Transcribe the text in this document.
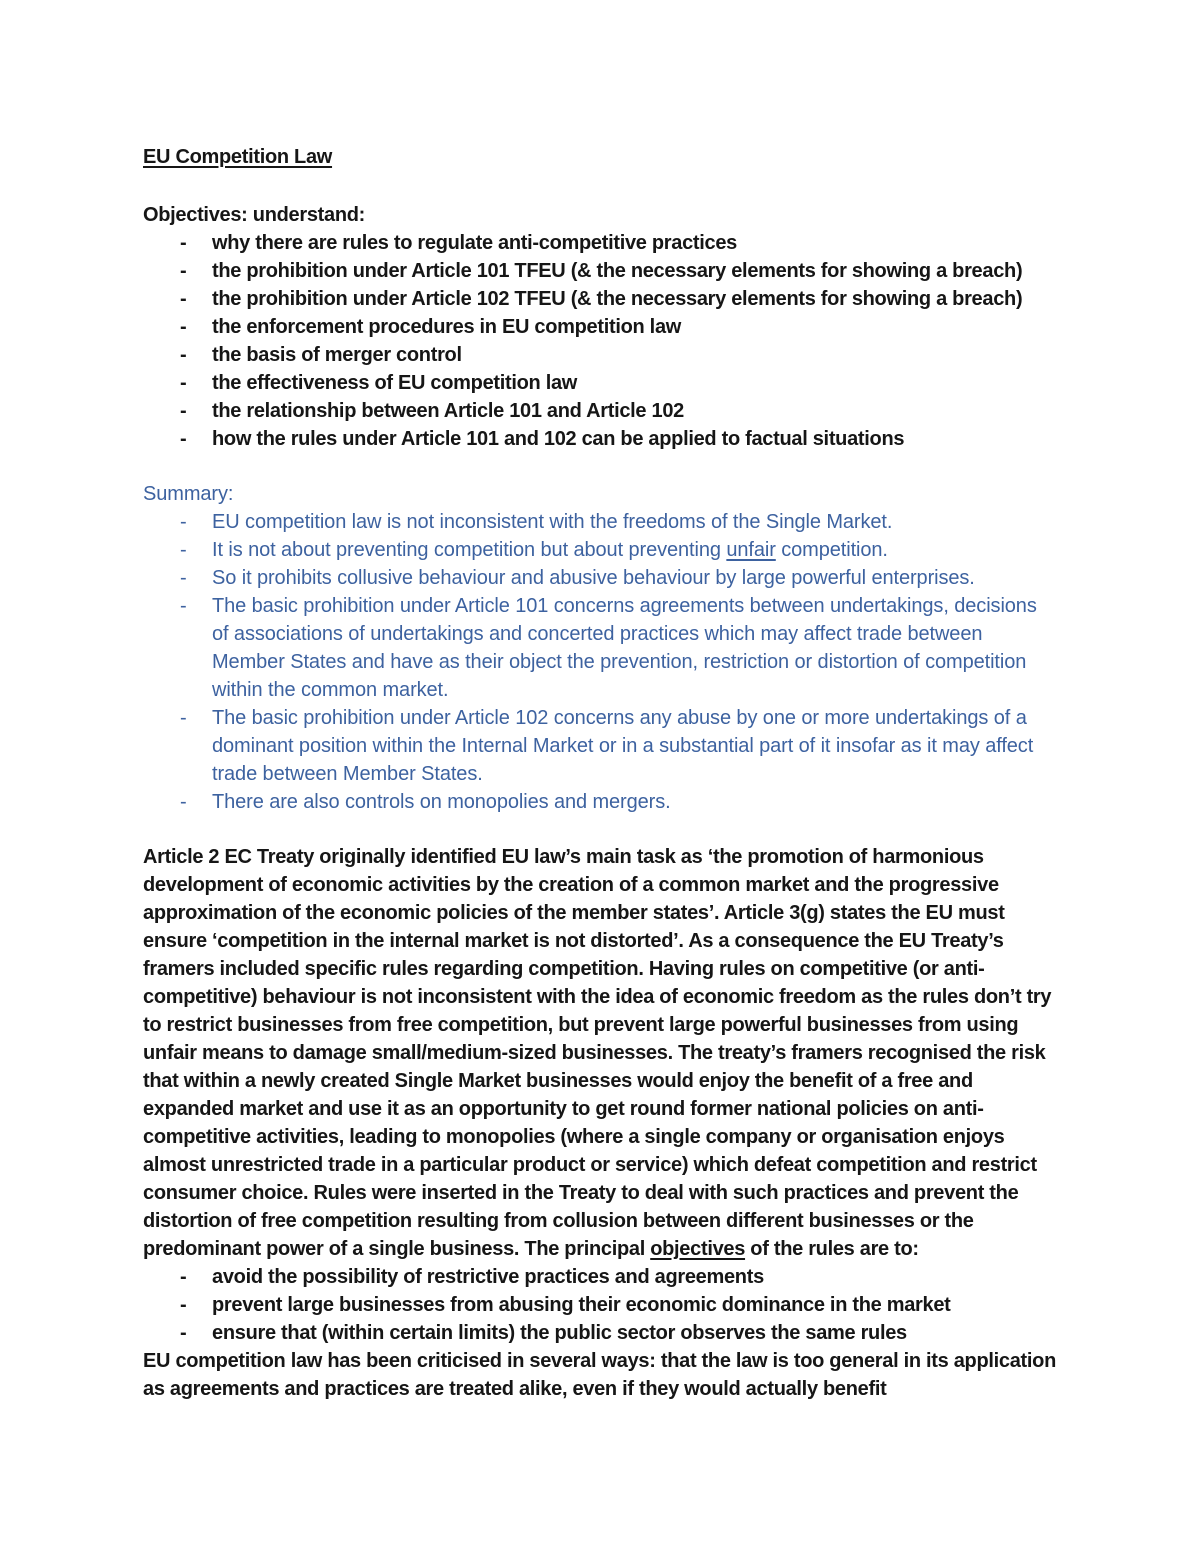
EU Competition Law

Objectives: understand:

- why there are rules to regulate anti-competitive practices
- the prohibition under Article 101 TFEU (& the necessary elements for showing a breach)
- the prohibition under Article 102 TFEU (& the necessary elements for showing a breach)
- the enforcement procedures in EU competition law
- the basis of merger control
- the effectiveness of EU competition law
- the relationship between Article 101 and Article 102
- how the rules under Article 101 and 102 can be applied to factual situations

Summary:

- EU competition law is not inconsistent with the freedoms of the Single Market.
- It is not about preventing competition but about preventing unfair competition.
- So it prohibits collusive behaviour and abusive behaviour by large powerful enterprises.
- The basic prohibition under Article 101 concerns agreements between undertakings, decisions of associations of undertakings and concerted practices which may affect trade between Member States and have as their object the prevention, restriction or distortion of competition within the common market.
- The basic prohibition under Article 102 concerns any abuse by one or more undertakings of a dominant position within the Internal Market or in a substantial part of it insofar as it may affect trade between Member States.
- There are also controls on monopolies and mergers.

Article 2 EC Treaty originally identified EU law’s main task as ‘the promotion of harmonious development of economic activities by the creation of a common market and the progressive approximation of the economic policies of the member states’. Article 3(g) states the EU must ensure ‘competition in the internal market is not distorted’. As a consequence the EU Treaty’s framers included specific rules regarding competition. Having rules on competitive (or anti-competitive) behaviour is not inconsistent with the idea of economic freedom as the rules don’t try to restrict businesses from free competition, but prevent large powerful businesses from using unfair means to damage small/medium-sized businesses. The treaty’s framers recognised the risk that within a newly created Single Market businesses would enjoy the benefit of a free and expanded market and use it as an opportunity to get round former national policies on anti-competitive activities, leading to monopolies (where a single company or organisation enjoys almost unrestricted trade in a particular product or service) which defeat competition and restrict consumer choice. Rules were inserted in the Treaty to deal with such practices and prevent the distortion of free competition resulting from collusion between different businesses or the predominant power of a single business. The principal objectives of the rules are to:

- avoid the possibility of restrictive practices and agreements
- prevent large businesses from abusing their economic dominance in the market
- ensure that (within certain limits) the public sector observes the same rules

EU competition law has been criticised in several ways: that the law is too general in its application as agreements and practices are treated alike, even if they would actually benefit
